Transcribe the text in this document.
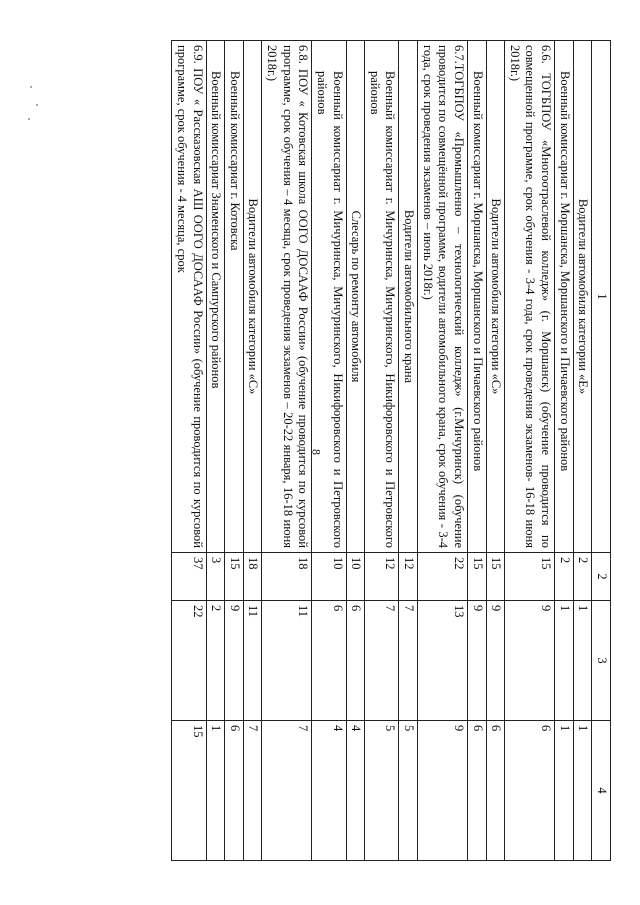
8
1	2	3	4
Водители автомобиля категории «Е»	2	1	1
Военный комиссариат г. Моршанска, Моршанского и Пичаевского районов	2	1	1
6.6. ТОГБПОУ «Многоотраслевой колледж» (г. Моршанск) (обучение проводится по совмещенной программе, срок обучения - 3-4 года, срок проведения экзаменов- 16-18 июня 2018г.)	15	9	6
Водители автомобиля категории «С»	15	9	6
Военный комиссариат г. Моршанска, Моршанского и Пичаевского районов	15	9	6
6.7.ТОГБПОУ «Промышленно – технологический колледж» (г.Мичуринск) (обучение проводится по совмещённой программе, водители автомобильного крана, срок обучения - 3-4 года, срок проведения экзаменов – июнь 2018г.)	22	13	9
Водители автомобильного крана	12	7	5
Военный комиссариат г. Мичуринска, Мичуринского, Никифоровского и Петровского районов	12	7	5
Слесарь по ремонту автомобиля	10	6	4
Военный комиссариат г. Мичуринска, Мичуринского, Никифоровского и Петровского районов	10	6	4
6.8. ПОУ « Котовская школа ООГО ДОСААФ России» (обучение проводится по курсовой программе, срок обучения – 4 месяца, срок проведения экзаменов – 20-22 января, 16-18 июня 2018г.)	18	11	7
Водители автомобиля категории «С»	18	11	7
Военный комиссариат г. Котовска	15	9	6
Военный комиссариат Знаменского и Сампурского районов	3	2	1
6.9. ПОУ « Рассказовская АШ ООГО ДОСААФ России» (обучение проводится по курсовой программе, срок обучения - 4 месяца, срок	37	22	15
